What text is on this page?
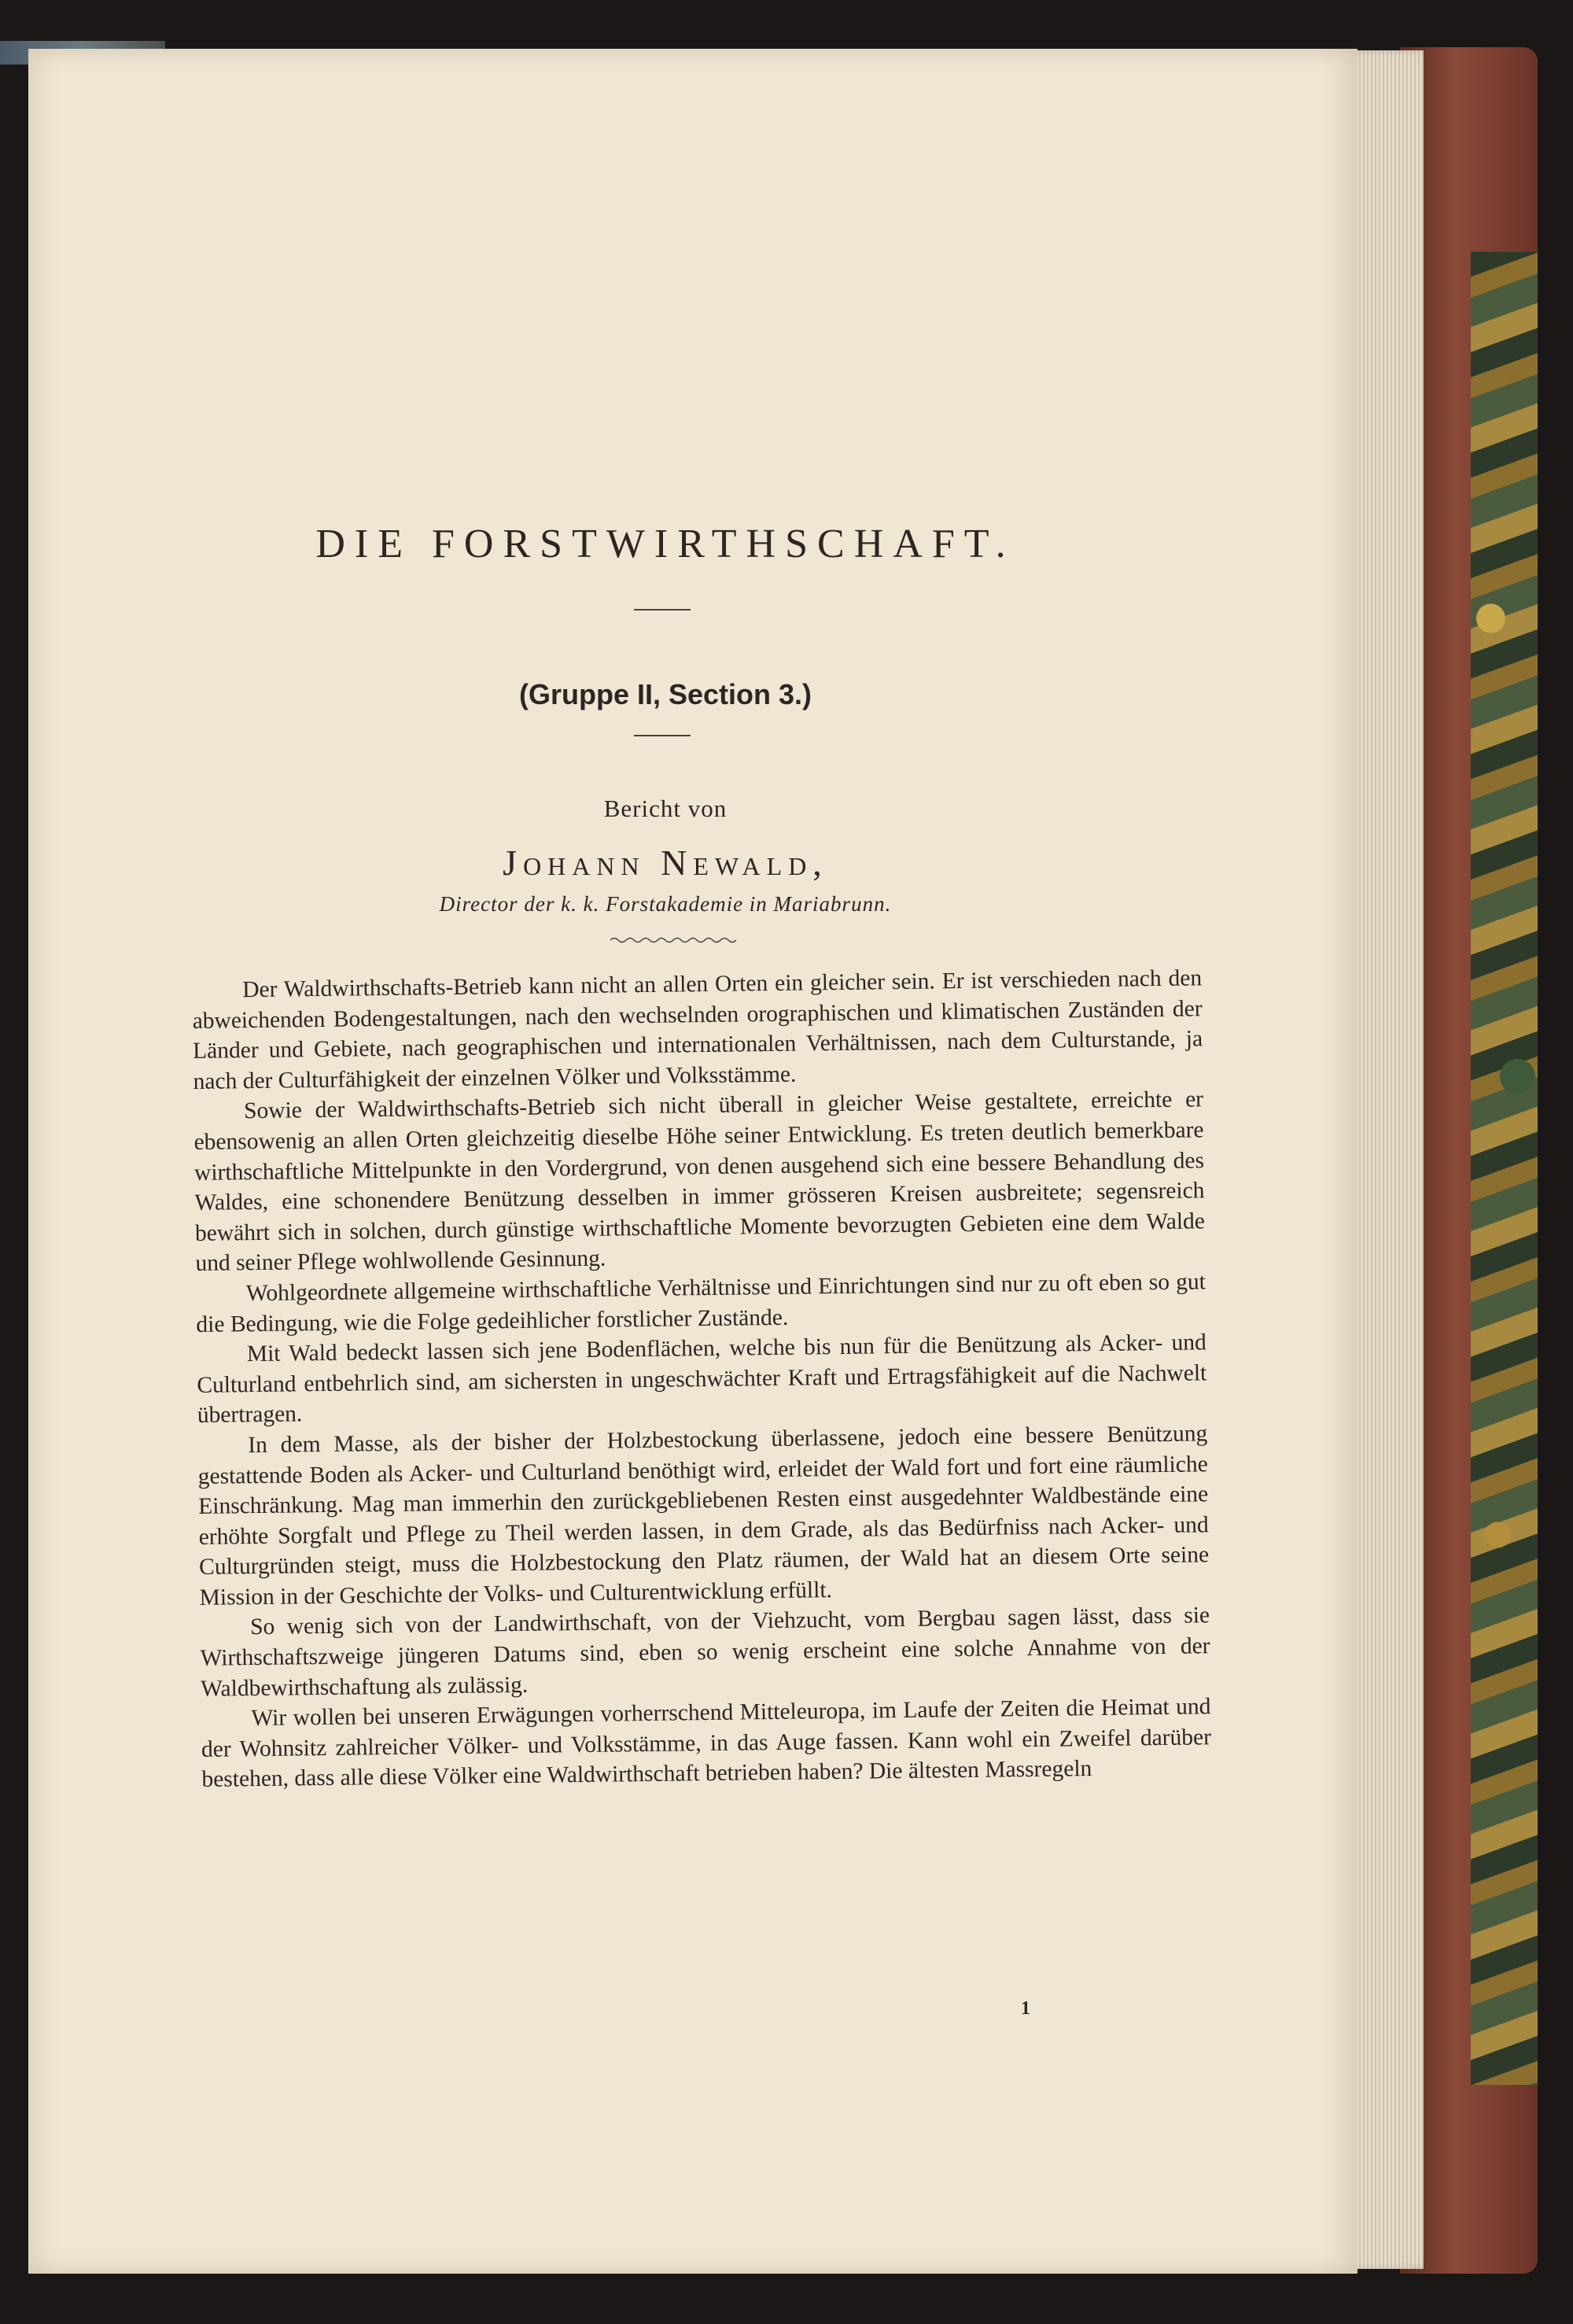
DIE FORSTWIRTHSCHAFT.
(Gruppe II, Section 3.)
Bericht von
Johann Newald,
Director der k. k. Forstakademie in Mariabrunn.

Der Waldwirthschafts-Betrieb kann nicht an allen Orten ein gleicher sein. Er ist verschieden nach den abweichenden Bodengestaltungen, nach den wechselnden orographischen und klimatischen Zuständen der Länder und Gebiete, nach geographischen und internationalen Verhältnissen, nach dem Culturstande, ja nach der Culturfähigkeit der einzelnen Völker und Volksstämme.

Sowie der Waldwirthschafts-Betrieb sich nicht überall in gleicher Weise gestaltete, erreichte er ebensowenig an allen Orten gleichzeitig dieselbe Höhe seiner Entwicklung. Es treten deutlich bemerkbare wirthschaftliche Mittelpunkte in den Vordergrund, von denen ausgehend sich eine bessere Behandlung des Waldes, eine schonendere Benützung desselben in immer grösseren Kreisen ausbreitete; segensreich bewährt sich in solchen, durch günstige wirthschaftliche Momente bevorzugten Gebieten eine dem Walde und seiner Pflege wohlwollende Gesinnung.

Wohlgeordnete allgemeine wirthschaftliche Verhältnisse und Einrichtungen sind nur zu oft eben so gut die Bedingung, wie die Folge gedeihlicher forstlicher Zustände.

Mit Wald bedeckt lassen sich jene Bodenflächen, welche bis nun für die Benützung als Acker- und Culturland entbehrlich sind, am sichersten in ungeschwächter Kraft und Ertragsfähigkeit auf die Nachwelt übertragen.

In dem Masse, als der bisher der Holzbestockung überlassene, jedoch eine bessere Benützung gestattende Boden als Acker- und Culturland benöthigt wird, erleidet der Wald fort und fort eine räumliche Einschränkung. Mag man immerhin den zurückgebliebenen Resten einst ausgedehnter Waldbestände eine erhöhte Sorgfalt und Pflege zu Theil werden lassen, in dem Grade, als das Bedürfniss nach Acker- und Culturgründen steigt, muss die Holzbestockung den Platz räumen, der Wald hat an diesem Orte seine Mission in der Geschichte der Volks- und Culturentwicklung erfüllt.

So wenig sich von der Landwirthschaft, von der Viehzucht, vom Bergbau sagen lässt, dass sie Wirthschaftszweige jüngeren Datums sind, eben so wenig erscheint eine solche Annahme von der Waldbewirthschaftung als zulässig.

Wir wollen bei unseren Erwägungen vorherrschend Mitteleuropa, im Laufe der Zeiten die Heimat und der Wohnsitz zahlreicher Völker- und Volksstämme, in das Auge fassen. Kann wohl ein Zweifel darüber bestehen, dass alle diese Völker eine Waldwirthschaft betrieben haben? Die ältesten Massregeln

1
